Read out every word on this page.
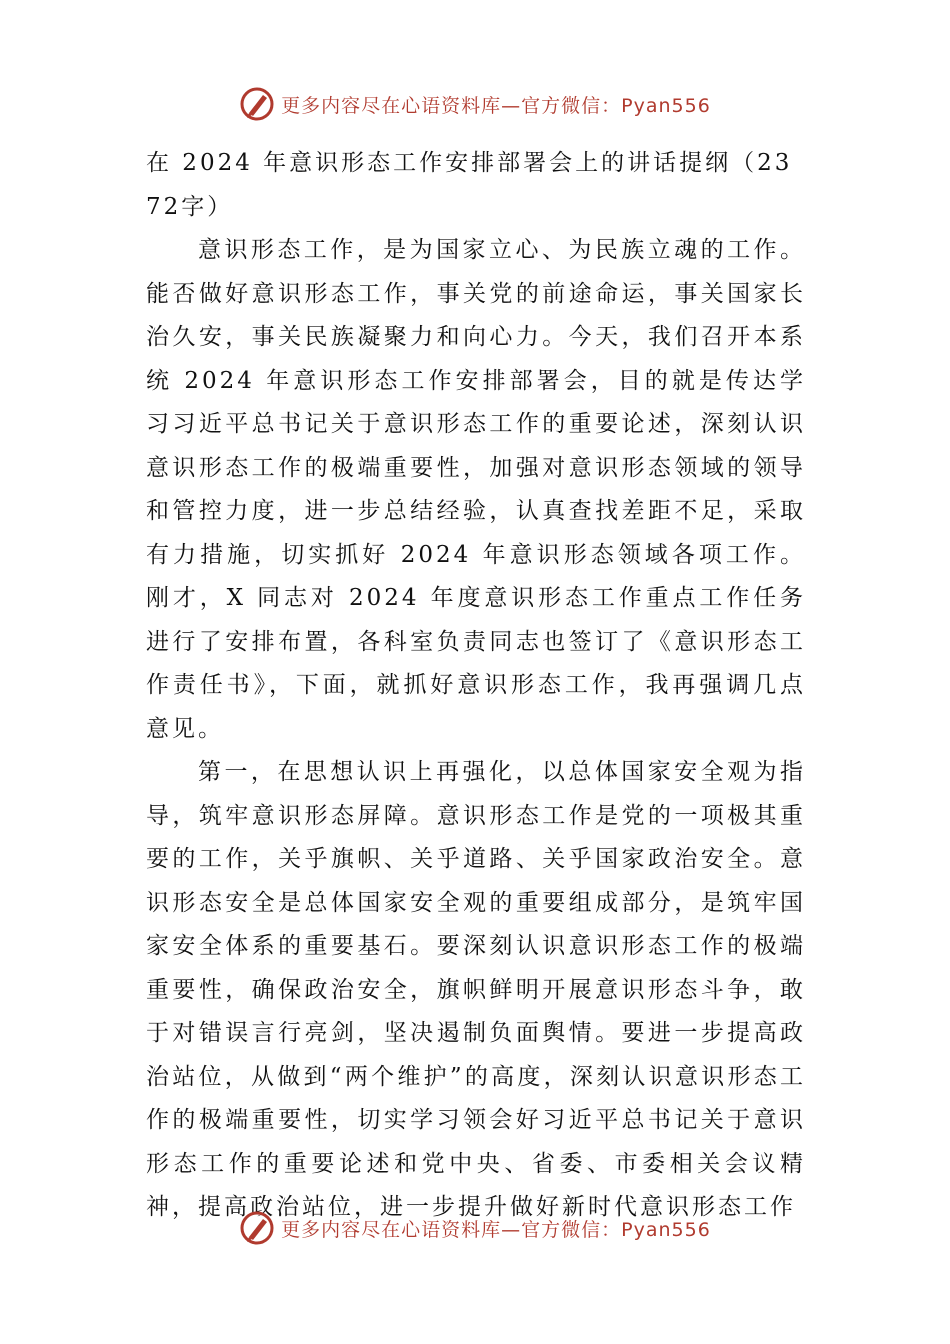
更多内容尽在心语资料库—官方微信：Pyan556

在 2024 年意识形态工作安排部署会上的讲话提纲（2372字）

意识形态工作，是为国家立心、为民族立魂的工作。能否做好意识形态工作，事关党的前途命运，事关国家长治久安，事关民族凝聚力和向心力。今天，我们召开本系统 2024 年意识形态工作安排部署会，目的就是传达学习习近平总书记关于意识形态工作的重要论述，深刻认识意识形态工作的极端重要性，加强对意识形态领域的领导和管控力度，进一步总结经验，认真查找差距不足，采取有力措施，切实抓好 2024 年意识形态领域各项工作。刚才，X 同志对 2024 年度意识形态工作重点工作任务进行了安排布置，各科室负责同志也签订了《意识形态工作责任书》，下面，就抓好意识形态工作，我再强调几点意见。

第一，在思想认识上再强化，以总体国家安全观为指导，筑牢意识形态屏障。意识形态工作是党的一项极其重要的工作，关乎旗帜、关乎道路、关乎国家政治安全。意识形态安全是总体国家安全观的重要组成部分，是筑牢国家安全体系的重要基石。要深刻认识意识形态工作的极端重要性，确保政治安全，旗帜鲜明开展意识形态斗争，敢于对错误言行亮剑，坚决遏制负面舆情。要进一步提高政治站位，从做到“两个维护”的高度，深刻认识意识形态工作的极端重要性，切实学习领会好习近平总书记关于意识形态工作的重要论述和党中央、省委、市委相关会议精神，提高政治站位，进一步提升做好新时代意识形态工作

更多内容尽在心语资料库—官方微信：Pyan556
